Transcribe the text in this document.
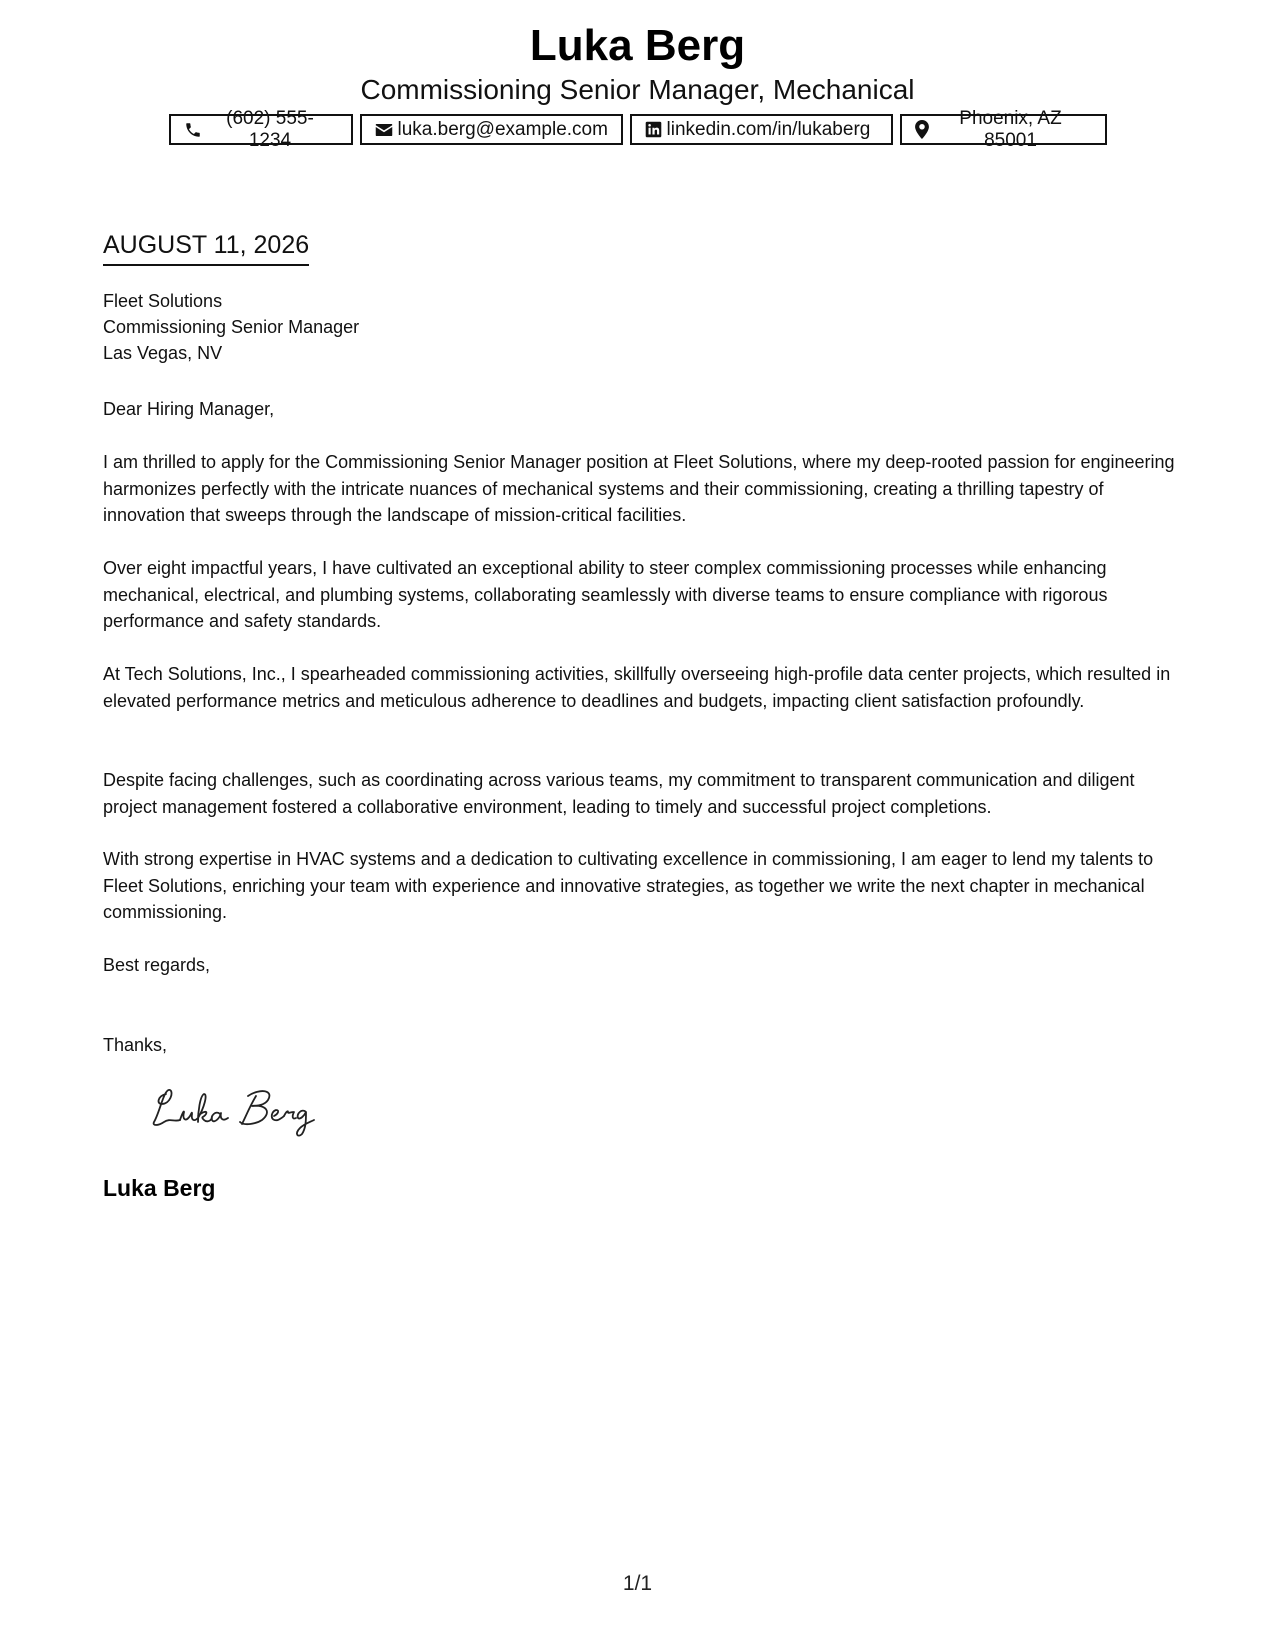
Luka Berg
Commissioning Senior Manager, Mechanical
(602) 555-1234
luka.berg@example.com	linkedin.com/in/lukaberg
Phoenix, AZ 85001
AUGUST 11, 2026
Fleet Solutions
Commissioning Senior Manager
Las Vegas, NV
Dear Hiring Manager,
I am thrilled to apply for the Commissioning Senior Manager position at Fleet Solutions, where my deep-rooted passion for engineering harmonizes perfectly with the intricate nuances of mechanical systems and their commissioning, creating a thrilling tapestry of innovation that sweeps through the landscape of mission-critical facilities.
Over eight impactful years, I have cultivated an exceptional ability to steer complex commissioning processes while enhancing mechanical, electrical, and plumbing systems, collaborating seamlessly with diverse teams to ensure compliance with rigorous performance and safety standards.
At Tech Solutions, Inc., I spearheaded commissioning activities, skillfully overseeing high-profile data center projects, which resulted in elevated performance metrics and meticulous adherence to deadlines and budgets, impacting client satisfaction profoundly.
Despite facing challenges, such as coordinating across various teams, my commitment to transparent communication and diligent project management fostered a collaborative environment, leading to timely and successful project completions.
With strong expertise in HVAC systems and a dedication to cultivating excellence in commissioning, I am eager to lend my talents to Fleet Solutions, enriching your team with experience and innovative strategies, as together we write the next chapter in mechanical commissioning.
Best regards,
Thanks,
Luka Berg
1/1
